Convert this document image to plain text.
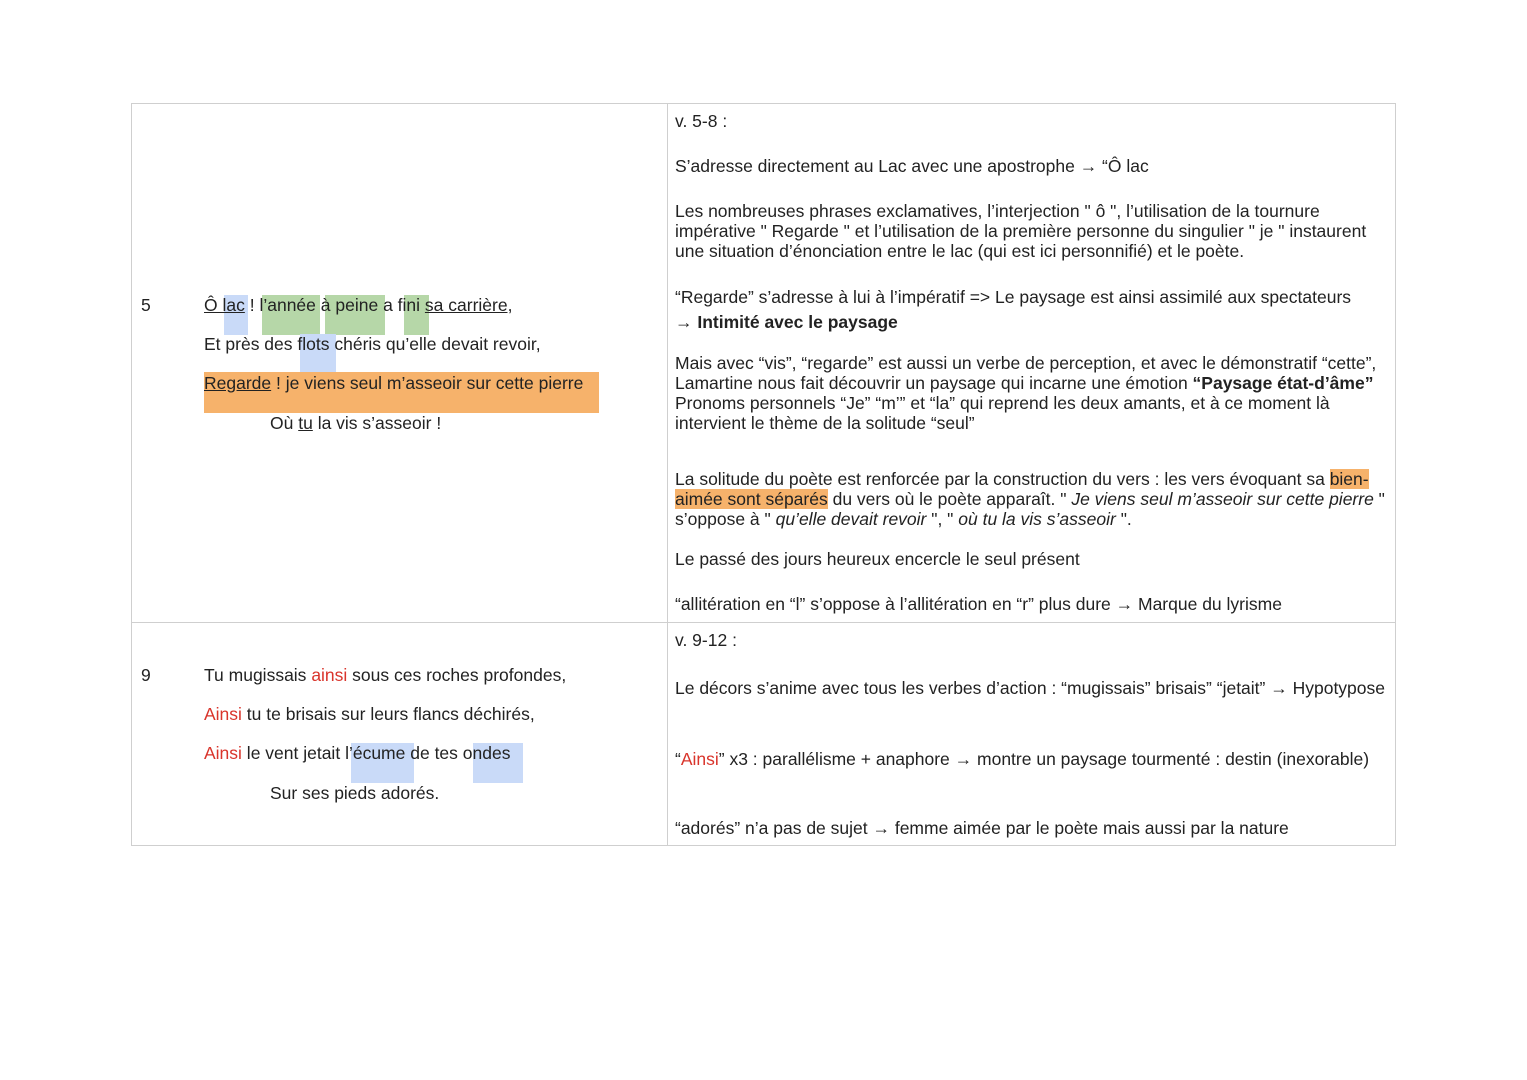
5	Ô lac ! l’année à peine a fini sa carrière,
Et près des flots chéris qu’elle devait revoir,
Regarde ! je viens seul m’asseoir sur cette pierre
Où tu la vis s’asseoir !
v. 5-8 :
S’adresse directement au Lac avec une apostrophe → “Ô lac
Les nombreuses phrases exclamatives, l’interjection " ô ", l’utilisation de la tournure impérative " Regarde " et l’utilisation de la première personne du singulier " je " instaurent une situation d’énonciation entre le lac (qui est ici personnifié) et le poète.
“Regarde” s’adresse à lui à l’impératif => Le paysage est ainsi assimilé aux spectateurs
→ Intimité avec le paysage
Mais avec “vis”, “regarde” est aussi un verbe de perception, et avec le démonstratif “cette”, Lamartine nous fait découvrir un paysage qui incarne une émotion “Paysage état-d’âme”
Pronoms personnels “Je” “m’” et “la” qui reprend les deux amants, et à ce moment là intervient le thème de la solitude “seul”
La solitude du poète est renforcée par la construction du vers : les vers évoquant sa bien-aimée sont séparés du vers où le poète apparaît. " Je viens seul m’asseoir sur cette pierre " s’oppose à " qu’elle devait revoir ", " où tu la vis s’asseoir ".
Le passé des jours heureux encercle le seul présent
“allitération en “l” s’oppose à l’allitération en “r” plus dure → Marque du lyrisme
9	Tu mugissais ainsi sous ces roches profondes,
Ainsi tu te brisais sur leurs flancs déchirés,
Ainsi le vent jetait l’écume de tes ondes
Sur ses pieds adorés.
v. 9-12 :
Le décors s’anime avec tous les verbes d’action : “mugissais” brisais” “jetait” → Hypotypose
“Ainsi” x3 : parallélisme + anaphore → montre un paysage tourmenté : destin (inexorable)
“adorés” n’a pas de sujet → femme aimée par le poète mais aussi par la nature
